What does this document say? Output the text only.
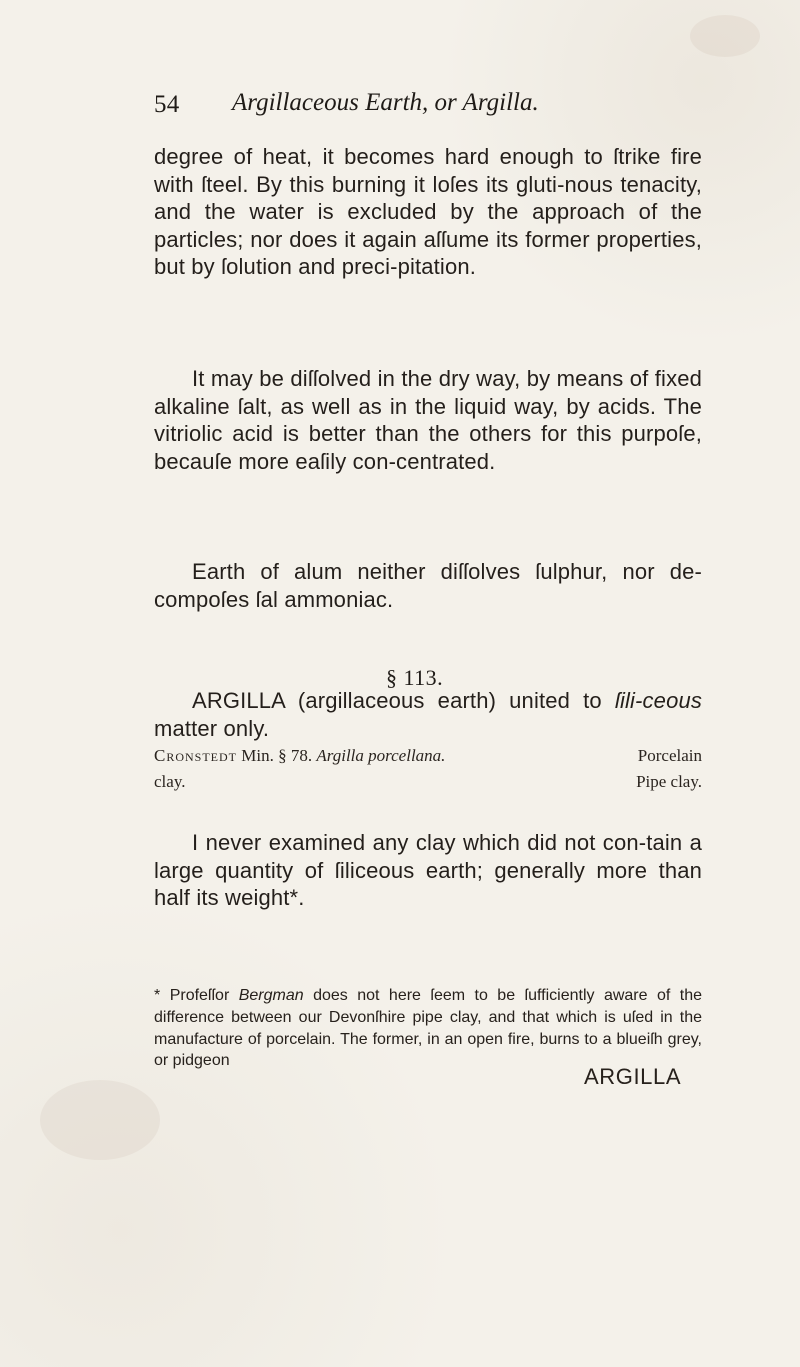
54 Argillaceous Earth, or Argilla.

degree of heat, it becomes hard enough to ſtrike fire with ſteel. By this burning it loſes its gluti-nous tenacity, and the water is excluded by the approach of the particles; nor does it again aſſume its former properties, but by ſolution and preci-pitation.

It may be diſſolved in the dry way, by means of fixed alkaline ſalt, as well as in the liquid way, by acids. The vitriolic acid is better than the others for this purpoſe, becauſe more eaſily con-centrated.

Earth of alum neither diſſolves ſulphur, nor de-compoſes ſal ammoniac.

§ 113.

ARGILLA (argillaceous earth) united to ſili-ceous matter only.

Cronstedt Min. § 78. Argilla porcellana.	Porcelain
clay.	Pipe clay.

I never examined any clay which did not con-tain a large quantity of ſiliceous earth; generally more than half its weight*.

* Profeſſor Bergman does not here ſeem to be ſufficiently aware of the difference between our Devonſhire pipe clay, and that which is uſed in the manufacture of porcelain. The former, in an open fire, burns to a blueiſh grey, or pidgeon

ARGILLA
